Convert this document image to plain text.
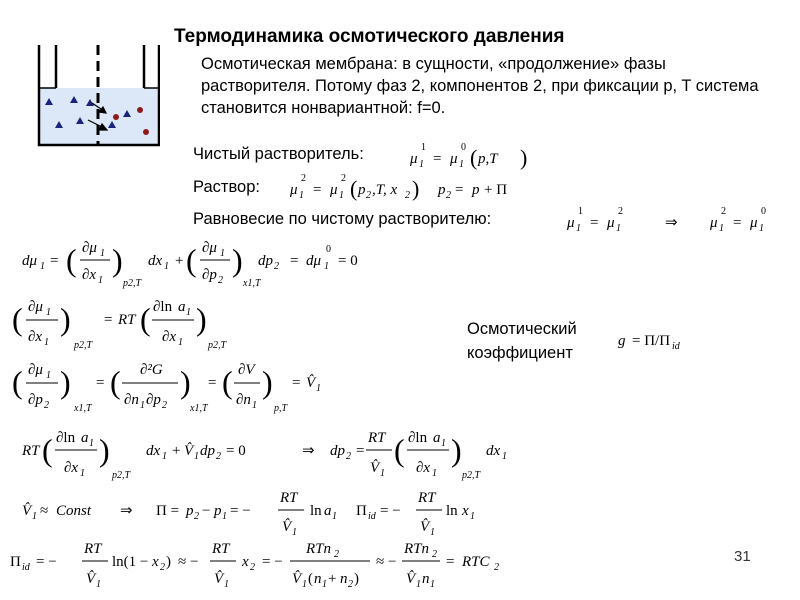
Термодинамика осмотического давления
Осмотическая мембрана: в сущности, «продолжение» фазы растворителя. Потому фаз 2, компонентов 2, при фиксации p, T система становится нонвариантной: f=0.
Чистый растворитель:
Раствор:
Равновесие по чистому растворителю:
Осмотический
коэффициент
31
μ 1
1
= μ 1
0 ( p,T )
μ 1
2
= μ 1
2 ( p 2 ,T, x 2 ) p 2 = p + Π
μ 1
1
= μ 1
2
⇒ μ 1
2
= μ 1
0
g = Π/Π id
dμ 1 = ( ∂μ 1
∂x 1
)
p2,T
dx 1 + ( ∂μ 1
∂p 2
)
x1,T
dp 2 = dμ 1
0
= 0
( ∂μ 1
∂x 1
)
p2,T
= RT ( ∂ln a 1
∂x 1
)
p2,T
( ∂μ 1
∂p 2
)
x1,T
= ( ∂²G
∂n 1 ∂p 2
)
x1,T
= ( ∂V
∂n 1
)
p,T
= V̂ 1
RT ( ∂ln a 1
∂x 1
)
p2,T
dx 1 + V̂ 1 dp 2 = 0	⇒ dp 2 = −
RT
V̂ 1
( ∂ln a 1
∂x 1
)
p2,T
dx 1
V̂ 1 ≈ Const ⇒ Π = p 2 − p 1 = −
RT
V̂ 1
ln a 1 Π id = −
RT
V̂ 1
ln x 1
Π id = −
RT
V̂ 1
ln(1 − x 2 ) ≈ −
RT
V̂ 1
x 2 = −
RTn 2
V̂ 1 ( n 1 + n 2 )
≈ −
RTn 2
V̂ 1 n 1
= RTC 2
